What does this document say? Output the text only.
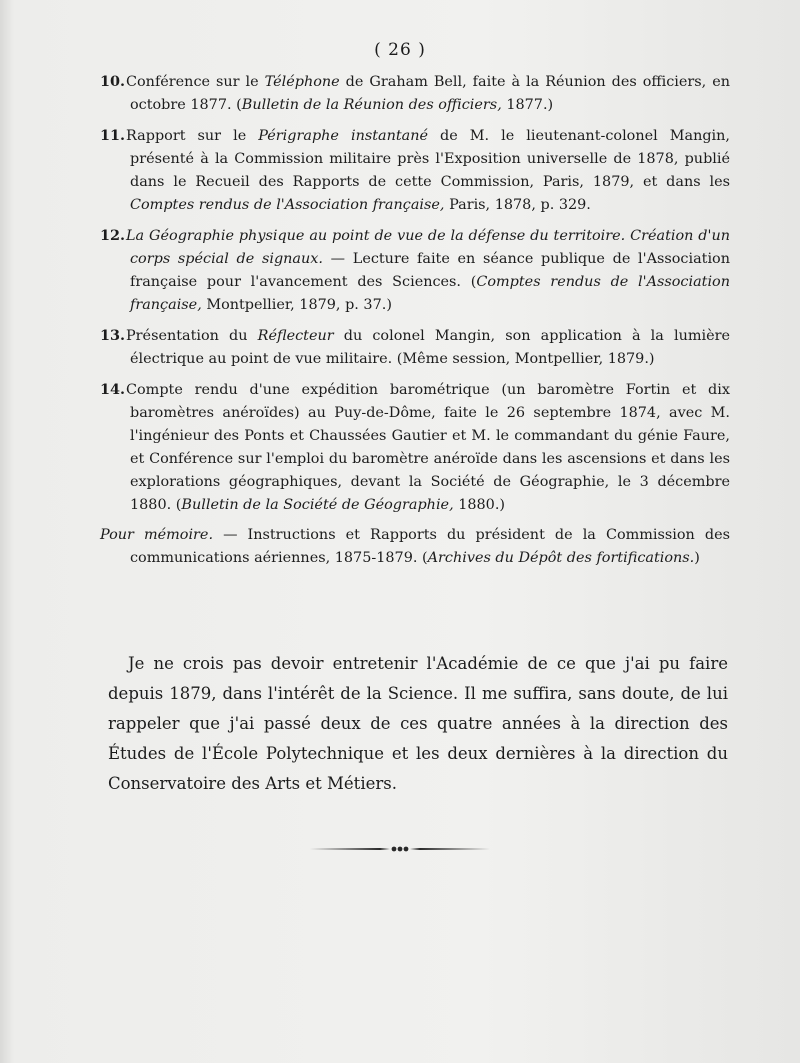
( 26 )

10.Conférence sur le Téléphone de Graham Bell, faite à la Réunion des officiers, en octobre 1877. (Bulletin de la Réunion des officiers, 1877.)

11.Rapport sur le Périgraphe instantané de M. le lieutenant-colonel Mangin, présenté à la Commission militaire près l'Exposition universelle de 1878, publié dans le Recueil des Rapports de cette Commission, Paris, 1879, et dans les Comptes rendus de l'Association française, Paris, 1878, p. 329.

12.La Géographie physique au point de vue de la défense du territoire. Création d'un corps spécial de signaux. — Lecture faite en séance publique de l'Association française pour l'avancement des Sciences. (Comptes rendus de l'Association française, Montpellier, 1879, p. 37.)

13.Présentation du Réflecteur du colonel Mangin, son application à la lumière électrique au point de vue militaire. (Même session, Montpellier, 1879.)

14.Compte rendu d'une expédition barométrique (un baromètre Fortin et dix baromètres anéroïdes) au Puy-de-Dôme, faite le 26 septembre 1874, avec M. l'ingénieur des Ponts et Chaussées Gautier et M. le commandant du génie Faure, et Conférence sur l'emploi du baromètre anéroïde dans les ascensions et dans les explorations géographiques, devant la Société de Géographie, le 3 décembre 1880. (Bulletin de la Société de Géographie, 1880.)

Pour mémoire. — Instructions et Rapports du président de la Commission des communications aériennes, 1875-1879. (Archives du Dépôt des fortifications.)

Je ne crois pas devoir entretenir l'Académie de ce que j'ai pu faire depuis 1879, dans l'intérêt de la Science. Il me suffira, sans doute, de lui rappeler que j'ai passé deux de ces quatre années à la direction des Études de l'École Polytechnique et les deux dernières à la direction du Conservatoire des Arts et Métiers.
